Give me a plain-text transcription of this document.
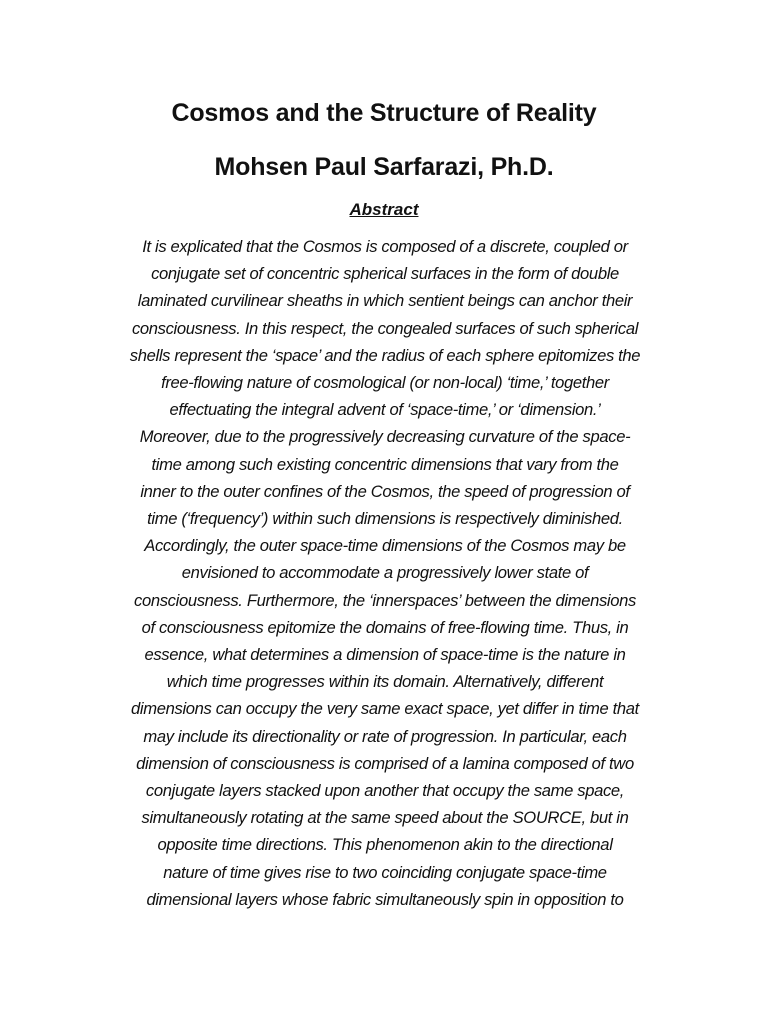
Cosmos and the Structure of Reality
Mohsen Paul Sarfarazi, Ph.D.
Abstract

It is explicated that the Cosmos is composed of a discrete, coupled or
conjugate set of concentric spherical surfaces in the form of double
laminated curvilinear sheaths in which sentient beings can anchor their
consciousness. In this respect, the congealed surfaces of such spherical
shells represent the ‘space’ and the radius of each sphere epitomizes the
free-flowing nature of cosmological (or non-local) ‘time,’ together
effectuating the integral advent of ‘space-time,’ or ‘dimension.’
Moreover, due to the progressively decreasing curvature of the space-
time among such existing concentric dimensions that vary from the
inner to the outer confines of the Cosmos, the speed of progression of
time (‘frequency’) within such dimensions is respectively diminished.
Accordingly, the outer space-time dimensions of the Cosmos may be
envisioned to accommodate a progressively lower state of
consciousness. Furthermore, the ‘innerspaces’ between the dimensions
of consciousness epitomize the domains of free-flowing time. Thus, in
essence, what determines a dimension of space-time is the nature in
which time progresses within its domain. Alternatively, different
dimensions can occupy the very same exact space, yet differ in time that
may include its directionality or rate of progression. In particular, each
dimension of consciousness is comprised of a lamina composed of two
conjugate layers stacked upon another that occupy the same space,
simultaneously rotating at the same speed about the SOURCE, but in
opposite time directions. This phenomenon akin to the directional
nature of time gives rise to two coinciding conjugate space-time
dimensional layers whose fabric simultaneously spin in opposition to
